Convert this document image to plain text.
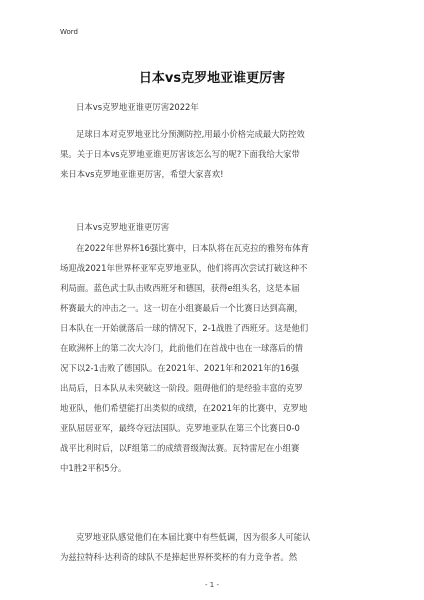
Word
日本vs克罗地亚谁更厉害
日本vs克罗地亚谁更厉害2022年
足球日本对克罗地亚比分预测防控,用最小价格完成最大防控效
果。关于日本vs克罗地亚谁更厉害该怎么写的呢?下面我给大家带
来日本vs克罗地亚谁更厉害，希望大家喜欢!
日本vs克罗地亚谁更厉害
在2022年世界杯16强比赛中，日本队将在瓦克拉的雅努布体育
场迎战2021年世界杯亚军克罗地亚队，他们将再次尝试打破这种不
利局面。蓝色武士队击败西班牙和德国，获得e组头名，这是本届
杯赛最大的冲击之一。这一切在小组赛最后一个比赛日达到高潮，
日本队在一开始就落后一球的情况下，2-1战胜了西班牙。这是他们
在欧洲杯上的第二次大冷门，此前他们在首战中也在一球落后的情
况下以2-1击败了德国队。在2021年、2021年和2021年的16强
出局后，日本队从未突破这一阶段。阻碍他们的是经验丰富的克罗
地亚队，他们希望能打出类似的成绩，在2021年的比赛中，克罗地
亚队屈居亚军，最终夺冠法国队。克罗地亚队在第三个比赛日0-0
战平比利时后，以F组第二的成绩晋级淘汰赛。瓦特雷尼在小组赛
中1胜2平积5分。
克罗地亚队感觉他们在本届比赛中有些低调，因为很多人可能认
为兹拉特科·达利奇的球队不是捧起世界杯奖杯的有力竞争者。然
- 1 -
